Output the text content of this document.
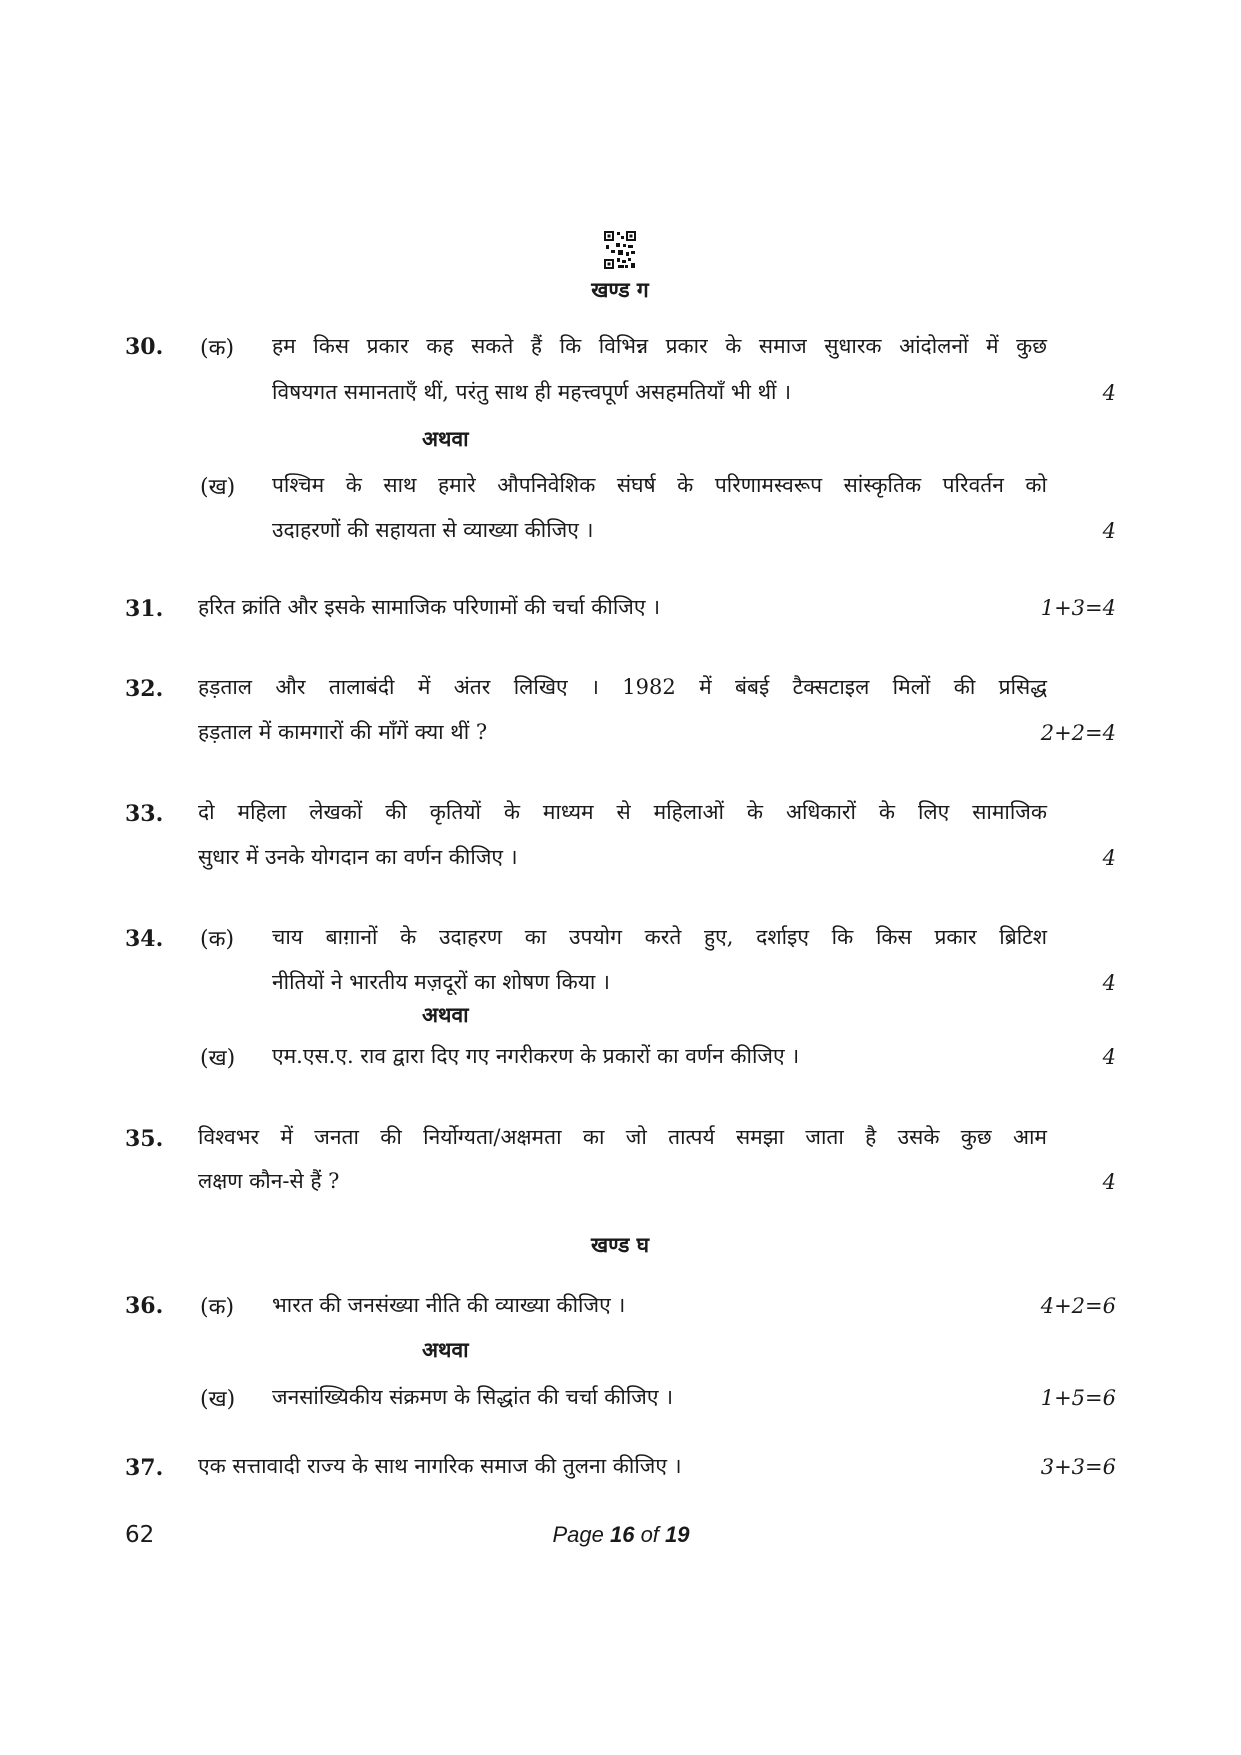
खण्ड ग
30. (क) हम किस प्रकार कह सकते हैं कि विभिन्न प्रकार के समाज सुधारक आंदोलनों में कुछ
विषयगत समानताएँ थीं, परंतु साथ ही महत्त्वपूर्ण असहमतियाँ भी थीं ।	4
अथवा
(ख) पश्चिम के साथ हमारे औपनिवेशिक संघर्ष के परिणामस्वरूप सांस्कृतिक परिवर्तन को
उदाहरणों की सहायता से व्याख्या कीजिए ।	4
31. हरित क्रांति और इसके सामाजिक परिणामों की चर्चा कीजिए ।	1+3=4
32. हड़ताल और तालाबंदी में अंतर लिखिए । 1982 में बंबई टैक्सटाइल मिलों की प्रसिद्ध
हड़ताल में कामगारों की माँगें क्या थीं ?	2+2=4
33. दो महिला लेखकों की कृतियों के माध्यम से महिलाओं के अधिकारों के लिए सामाजिक
सुधार में उनके योगदान का वर्णन कीजिए ।	4
34. (क) चाय बाग़ानों के उदाहरण का उपयोग करते हुए, दर्शाइए कि किस प्रकार ब्रिटिश
नीतियों ने भारतीय मज़दूरों का शोषण किया ।	4
अथवा
(ख) एम.एस.ए. राव द्वारा दिए गए नगरीकरण के प्रकारों का वर्णन कीजिए ।	4
35. विश्वभर में जनता की निर्योग्यता/अक्षमता का जो तात्पर्य समझा जाता है उसके कुछ आम
लक्षण कौन-से हैं ?	4
खण्ड घ
36. (क) भारत की जनसंख्या नीति की व्याख्या कीजिए ।	4+2=6
अथवा
(ख) जनसांख्यिकीय संक्रमण के सिद्धांत की चर्चा कीजिए ।	1+5=6
37. एक सत्तावादी राज्य के साथ नागरिक समाज की तुलना कीजिए ।	3+3=6
62	Page 16 of 19
